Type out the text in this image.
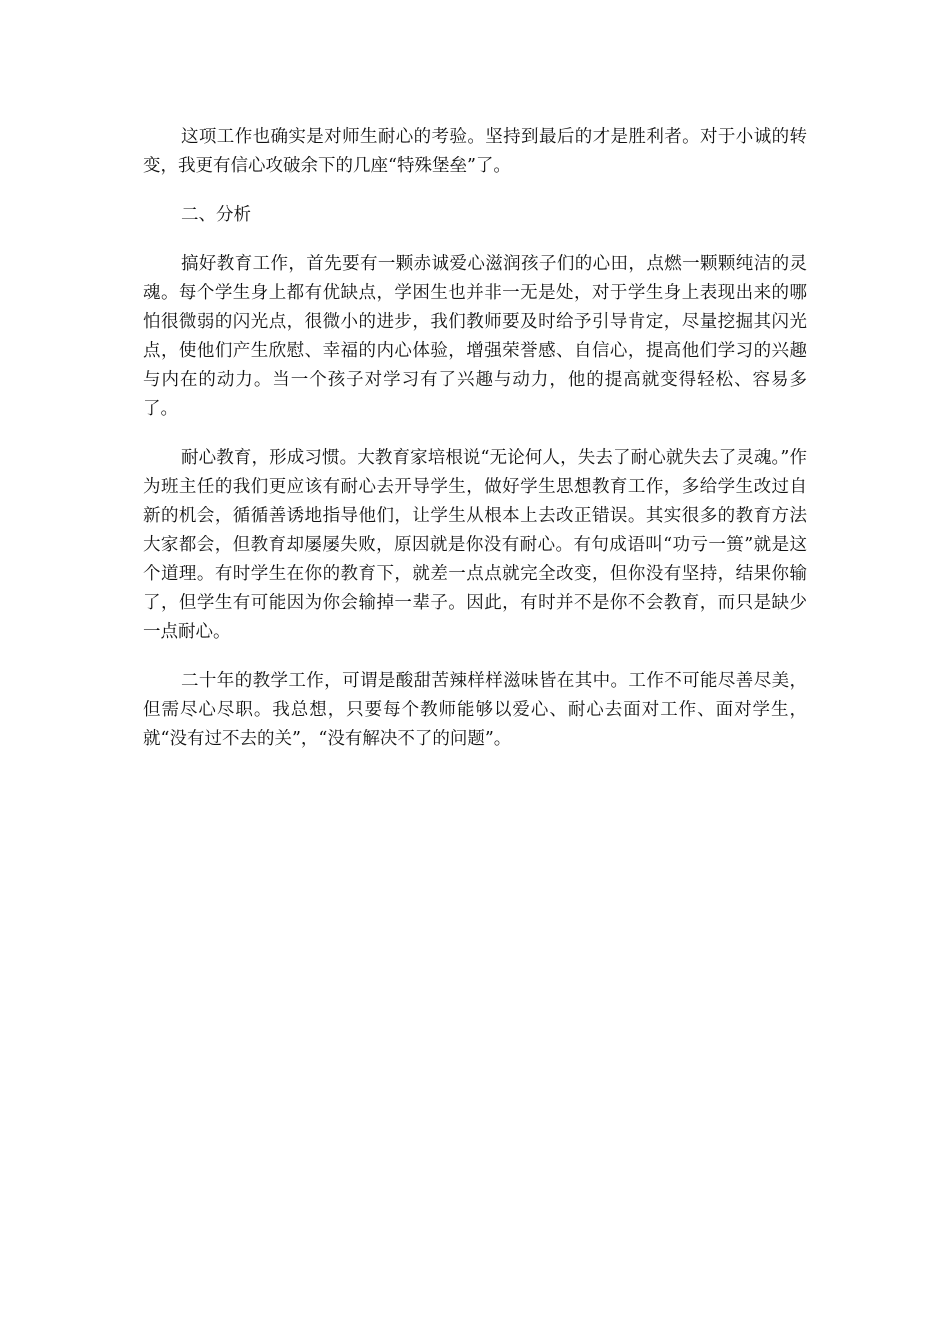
这项工作也确实是对师生耐心的考验。坚持到最后的才是胜利者。对于小诚的转变，我更有信心攻破余下的几座“特殊堡垒”了。

二、分析

搞好教育工作，首先要有一颗赤诚爱心滋润孩子们的心田，点燃一颗颗纯洁的灵魂。每个学生身上都有优缺点，学困生也并非一无是处，对于学生身上表现出来的哪怕很微弱的闪光点，很微小的进步，我们教师要及时给予引导肯定，尽量挖掘其闪光点，使他们产生欣慰、幸福的内心体验，增强荣誉感、自信心，提高他们学习的兴趣与内在的动力。当一个孩子对学习有了兴趣与动力，他的提高就变得轻松、容易多了。

耐心教育，形成习惯。大教育家培根说“无论何人，失去了耐心就失去了灵魂。”作为班主任的我们更应该有耐心去开导学生，做好学生思想教育工作，多给学生改过自新的机会，循循善诱地指导他们，让学生从根本上去改正错误。其实很多的教育方法大家都会，但教育却屡屡失败，原因就是你没有耐心。有句成语叫“功亏一篑”就是这个道理。有时学生在你的教育下，就差一点点就完全改变，但你没有坚持，结果你输了，但学生有可能因为你会输掉一辈子。因此，有时并不是你不会教育，而只是缺少一点耐心。

二十年的教学工作，可谓是酸甜苦辣样样滋味皆在其中。工作不可能尽善尽美，但需尽心尽职。我总想，只要每个教师能够以爱心、耐心去面对工作、面对学生，就“没有过不去的关”，“没有解决不了的问题”。
